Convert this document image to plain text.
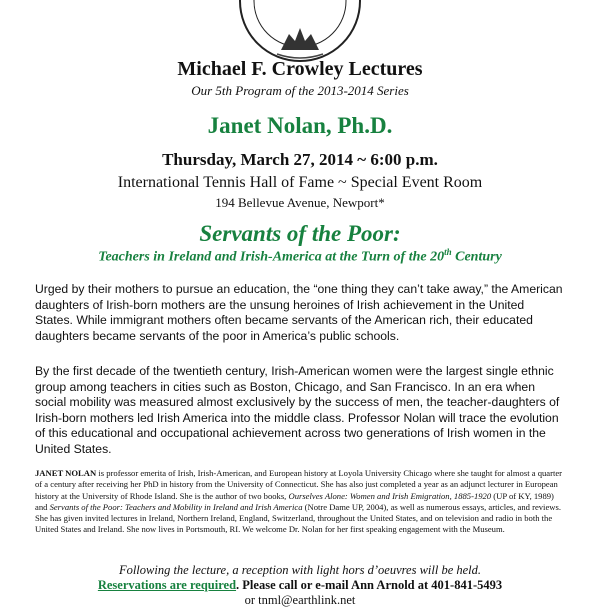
Michael F. Crowley Lectures
Our 5th Program of the 2013-2014 Series
Janet Nolan, Ph.D.
Thursday, March 27, 2014 ~ 6:00 p.m.
International Tennis Hall of Fame ~ Special Event Room
194 Bellevue Avenue, Newport*
Servants of the Poor:
Teachers in Ireland and Irish-America at the Turn of the 20th Century

Urged by their mothers to pursue an education, the “one thing they can’t take away,” the American daughters of Irish-born mothers are the unsung heroines of Irish achievement in the United States. While immigrant mothers often became servants of the American rich, their educated daughters became servants of the poor in America’s public schools.

By the first decade of the twentieth century, Irish-American women were the largest single ethnic group among teachers in cities such as Boston, Chicago, and San Francisco. In an era when social mobility was measured almost exclusively by the success of men, the teacher-daughters of Irish-born mothers led Irish America into the middle class. Professor Nolan will trace the evolution of this educational and occupational achievement across two generations of Irish women in the United States.

JANET NOLAN is professor emerita of Irish, Irish-American, and European history at Loyola University Chicago where she taught for almost a quarter of a century after receiving her PhD in history from the University of Connecticut. She has also just completed a year as an adjunct lecturer in European history at the University of Rhode Island. She is the author of two books, Ourselves Alone: Women and Irish Emigration, 1885-1920 (UP of KY, 1989) and Servants of the Poor: Teachers and Mobility in Ireland and Irish America (Notre Dame UP, 2004), as well as numerous essays, articles, and reviews. She has given invited lectures in Ireland, Northern Ireland, England, Switzerland, throughout the United States, and on television and radio in both the United States and Ireland. She now lives in Portsmouth, RI. We welcome Dr. Nolan for her first speaking engagement with the Museum.

Following the lecture, a reception with light hors d’oeuvres will be held.
Reservations are required. Please call or e-mail Ann Arnold at 401-841-5493
or tnml@earthlink.net
